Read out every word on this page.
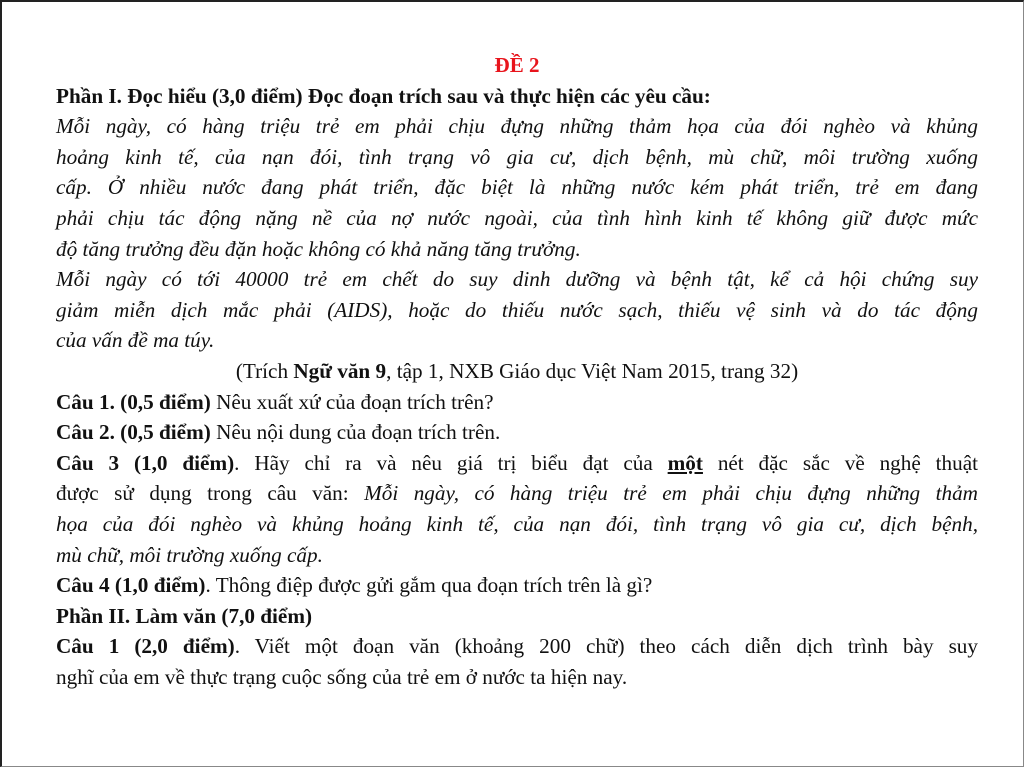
ĐỀ 2

Phần I. Đọc hiểu (3,0 điểm) Đọc đoạn trích sau và thực hiện các yêu cầu:

Mỗi ngày, có hàng triệu trẻ em phải chịu đựng những thảm họa của đói nghèo và khủng

hoảng kinh tế, của nạn đói, tình trạng vô gia cư, dịch bệnh, mù chữ, môi trường xuống

cấp. Ở nhiều nước đang phát triển, đặc biệt là những nước kém phát triển, trẻ em đang

phải chịu tác động nặng nề của nợ nước ngoài, của tình hình kinh tế không giữ được mức

độ tăng trưởng đều đặn hoặc không có khả năng tăng trưởng.

Mỗi ngày có tới 40000 trẻ em chết do suy dinh dưỡng và bệnh tật, kể cả hội chứng suy

giảm miễn dịch mắc phải (AIDS), hoặc do thiếu nước sạch, thiếu vệ sinh và do tác động

của vấn đề ma túy.

(Trích Ngữ văn 9, tập 1, NXB Giáo dục Việt Nam 2015, trang 32)

Câu 1. (0,5 điểm) Nêu xuất xứ của đoạn trích trên?

Câu 2. (0,5 điểm) Nêu nội dung của đoạn trích trên.

Câu 3 (1,0 điểm). Hãy chỉ ra và nêu giá trị biểu đạt của một nét đặc sắc về nghệ thuật

được sử dụng trong câu văn: Mỗi ngày, có hàng triệu trẻ em phải chịu đựng những thảm

họa của đói nghèo và khủng hoảng kinh tế, của nạn đói, tình trạng vô gia cư, dịch bệnh,

mù chữ, môi trường xuống cấp.

Câu 4 (1,0 điểm). Thông điệp được gửi gắm qua đoạn trích trên là gì?

Phần II. Làm văn (7,0 điểm)

Câu 1 (2,0 điểm). Viết một đoạn văn (khoảng 200 chữ) theo cách diễn dịch trình bày suy

nghĩ của em về thực trạng cuộc sống của trẻ em ở nước ta hiện nay.
